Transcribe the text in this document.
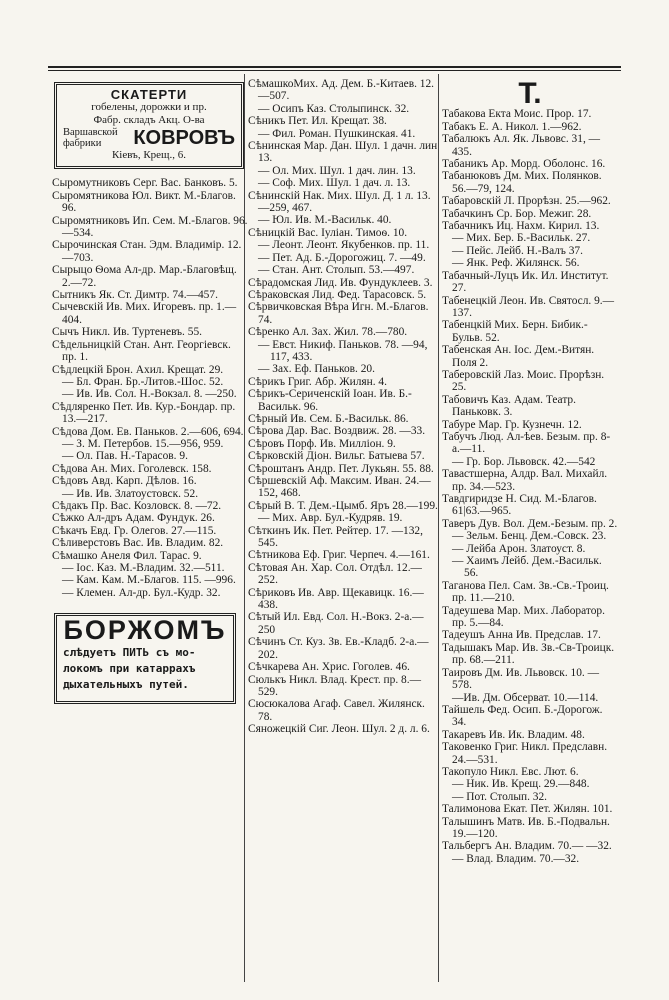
СКАТЕРТИ
гобелены, дорожки и пр.
Фабр. складъ Акц. О-ва
Варшавской
фабрики	КОВРОВЪ
Кіевъ, Крещ., 6.

Сыромутниковъ Серг. Вас. Банковъ. 5.

Сыромятникова Юл. Викт. М.-Благов. 96.

Сыромятниковъ Ип. Сем. М.-Благов. 96.—534.

Сырочинская Стан. Эдм. Владимір. 12.—703.

Сырыцо Ѳома Ал-др. Мар.-Благовѣщ. 2.—72.

Сытникъ Як. Ст. Димтр. 74.—457.

Сычевскій Ив. Мих. Игоревъ. пр. 1.—404.

Сычъ Никл. Ив. Туртеневъ. 55.

Сѣдельницкій Стан. Ант. Георгіевск. пр. 1.

Сѣдлецкій Брон. Ахил. Крещат. 29.

— Бл. Фран. Бр.-Литов.-Шос. 52.

— Ив. Ив. Сол. Н.-Вокзал. 8. —250.

Сѣдляренко Пет. Ив. Кур.-Бондар. пр. 13.—217.

Сѣдова Дом. Ев. Паньков. 2.—606, 694.

— З. М. Петербов. 15.—956, 959.

— Ол. Пав. Н.-Тарасов. 9.

Сѣдова Ан. Мих. Гоголевск. 158.

Сѣдовъ Авд. Карп. Дѣлов. 16.

— Ив. Ив. Златоустовск. 52.

Сѣдакъ Пр. Вас. Козловск. 8. —72.

Сѣжко Ал-дръ Адам. Фундук. 26.

Сѣкачъ Евд. Гр. Олегов. 27.—115.

Сѣливерстовъ Вас. Ив. Владим. 82.

Сѣмашко Анеля Фил. Тарас. 9.

— Іос. Каз. М.-Владим. 32.—511.

— Кам. Кам. М.-Благов. 115. —996.

— Клемен. Ал-др. Бул.-Кудр. 32.

БОРЖОМЪ
слѣдуетъ ПИТЬ съ мо-
локомъ при катаррахъ
дыхательныхъ путей.

СѣмашкоМих. Ад. Дем. Б.-Китаев. 12.—507.

— Осипъ Каз. Столыпинск. 32.

Сѣникъ Пет. Ил. Крещат. 38.

— Фил. Роман. Пушкинская. 41.

Сѣнинская Мар. Дан. Шул. 1 дачн. лин 13.

— Ол. Мих. Шул. 1 дач. лин. 13.

— Соф. Мих. Шул. 1 дач. л. 13.

Сѣнинскій Нак. Мих. Шул. Д. 1 л. 13.—259, 467.

— Юл. Ив. М.-Васильк. 40.

Сѣницкій Вас. Іуліан. Тимоѳ. 10.

— Леонт. Леонт. Якубенков. пр. 11.

— Пет. Ад. Б.-Дорогожиц. 7. —49.

— Стан. Ант. Столып. 53.—497.

Сѣрадомская Лид. Ив. Фундуклеев. 3.

Сѣраковская Лид. Фед. Тарасовск. 5.

Сѣрвичковская Вѣра Игн. М.-Благов. 74.

Сѣренко Ал. Зах. Жил. 78.—780.

— Евст. Никиф. Паньков. 78. —94, 117, 433.

— Зах. Еф. Паньков. 20.

Сѣрикъ Григ. Абр. Жилян. 4.

Сѣрикъ-Сериченскій Іоан. Ив. Б.-Васильк. 96.

Сѣрный Ив. Сем. Б.-Васильк. 86.

Сѣрова Дар. Вас. Воздвиж. 28. —33.

Сѣровъ Порф. Ив. Милліон. 9.

Сѣрковскій Діон. Вильг. Батыева 57.

Сѣроштанъ Андр. Пет. Лукьян. 55. 88.

Сѣршевскій Аф. Максим. Иван. 24.—152, 468.

Сѣрый В. Т. Дем.-Цымб. Яръ 28.—199.

— Мих. Авр. Бул.-Кудряв. 19.

Сѣткинъ Ик. Пет. Рейтер. 17. —132, 545.

Сѣтникова Еф. Григ. Черпеч. 4.—161.

Сѣтовая Ан. Хар. Сол. Отдѣл. 12.—252.

Сѣриковъ Ив. Авр. Щекавицк. 16.—438.

Сѣтый Ил. Евд. Сол. Н.-Вокз. 2-а.—250

Сѣчинъ Ст. Куз. Зв. Ев.-Кладб. 2-а.—202.

Сѣчкарева Ан. Хрис. Гоголев. 46.

Сюлькъ Никл. Влад. Крест. пр. 8.—529.

Сюсюкалова Агаф. Савел. Жилянск. 78.

Сяножецкій Сиг. Леон. Шул. 2 д. л. 6.

Т.

Табакова Екта Моис. Прор. 17.

Табакъ Е. А. Никол. 1.—962.

Табалюкъ Ал. Як. Львовс. 31, —435.

Табаникъ Ар. Морд. Оболонс. 16.

Табанюковъ Дм. Мих. Полянков. 56.—79, 124.

Табаровскій Л. Прорѣзн. 25.—962.

Табачкинъ Ср. Бор. Межиг. 28.

Табачникъ Иц. Нахм. Кирил. 13.

— Мих. Бер. Б.-Васильк. 27.

— Пейс. Лейб. Н.-Валъ 37.

— Янк. Реф. Жилянск. 56.

Табачный-Луцъ Ик. Ил. Институт. 27.

Табенецкій Леон. Ив. Святосл. 9.—137.

Табенцкій Мих. Берн. Бибик.-Бульв. 52.

Табенская Ан. Іос. Дем.-Витян. Поля 2.

Таберовскій Лаз. Моис. Прорѣзн. 25.

Табовичъ Каз. Адам. Театр. Паньковк. 3.

Табуре Мар. Гр. Кузнечн. 12.

Табучъ Люд. Ал-ѣев. Безым. пр. 8-а.—11.

— Гр. Бор. Львовск. 42.—542

Тавастшерна, Алдр. Вал. Михайл. пр. 34.—523.

Тавдгиридзе Н. Сид. М.-Благов. 61|63.—965.

Таверъ Дув. Вол. Дем.-Безым. пр. 2.

— Зельм. Бенц. Дем.-Совск. 23.

— Лейба Арон. Златоуст. 8.

— Хаимъ Лейб. Дем.-Васильк. 56.

Таганова Пел. Сам. Зв.-Св.-Троиц. пр. 11.—210.

Тадеушева Мар. Мих. Лаборатор. пр. 5.—84.

Тадеушъ Анна Ив. Предслав. 17.

Тадышакъ Мар. Ив. Зв.-Св-Троицк. пр. 68.—211.

Таировъ Дм. Ив. Львовск. 10. —578.

—Ив. Дм. Обсерват. 10.—114.

Тайшель Фед. Осип. Б.-Дорогож. 34.

Такаревъ Ив. Ик. Владим. 48.

Таковенко Григ. Никл. Предславн. 24.—531.

Такопуло Никл. Евс. Лют. 6.

— Ник. Ив. Крещ. 29.—848.

— Пот. Столып. 32.

Талимонова Екат. Пет. Жилян. 101.

Талышинъ Матв. Ив. Б.-Подвальн. 19.—120.

Тальбергъ Ан. Владим. 70.— —32.

— Влад. Владим. 70.—32.
